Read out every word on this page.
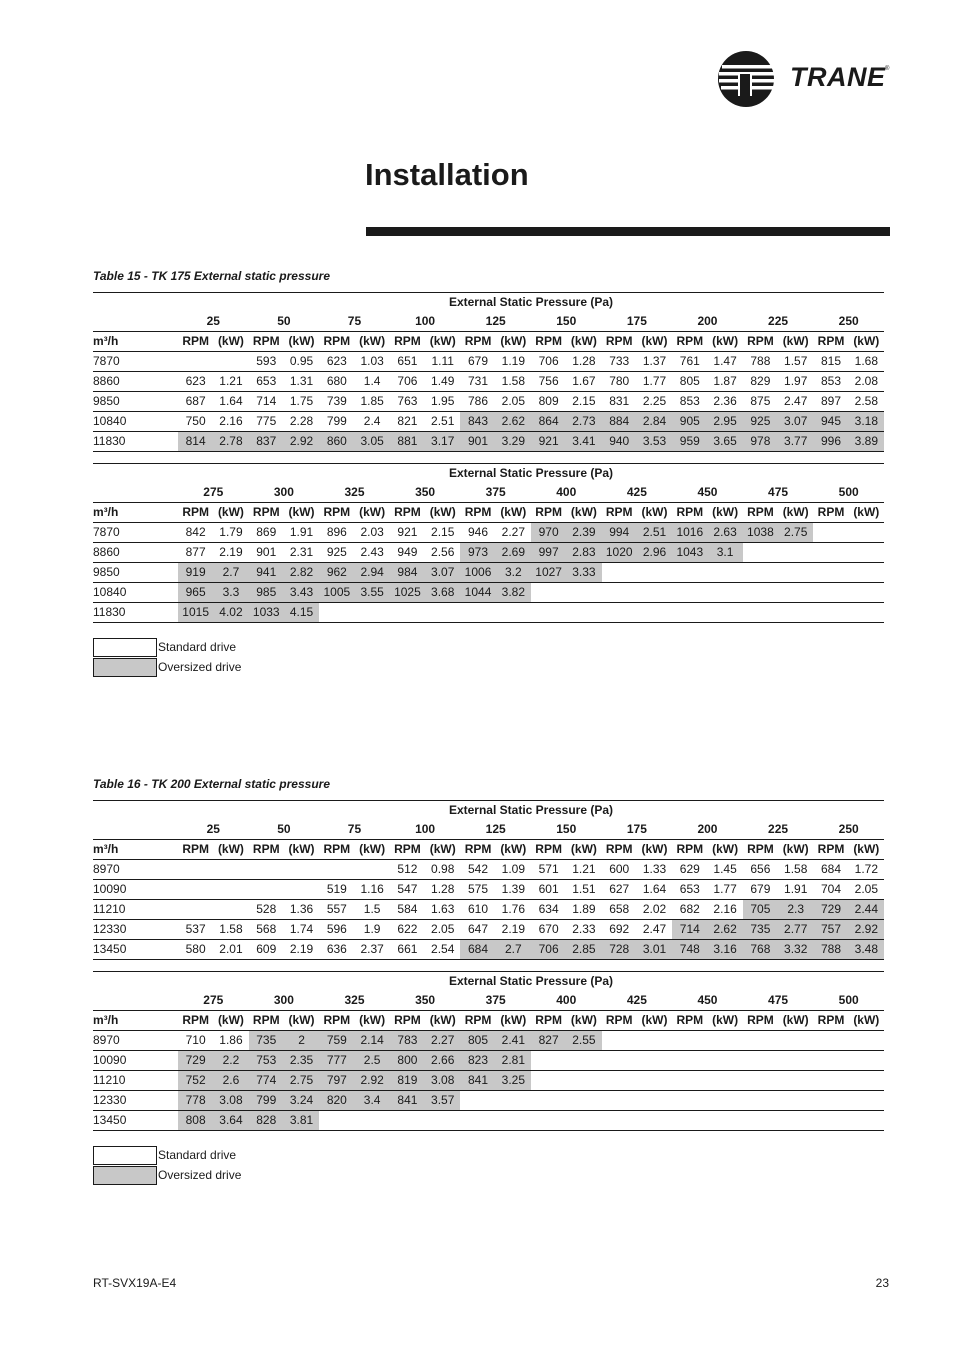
TRANE ®
Installation
Table 15 - TK 175 External static pressure
	External Static Pressure (Pa)																			
	25		50		75		100		125		150		175		200		225		250	
m³/h	RPM	(kW)	RPM	(kW)	RPM	(kW)	RPM	(kW)	RPM	(kW)	RPM	(kW)	RPM	(kW)	RPM	(kW)	RPM	(kW)	RPM	(kW)
7870			593	0.95	623	1.03	651	1.11	679	1.19	706	1.28	733	1.37	761	1.47	788	1.57	815	1.68
8860	623	1.21	653	1.31	680	1.4	706	1.49	731	1.58	756	1.67	780	1.77	805	1.87	829	1.97	853	2.08
9850	687	1.64	714	1.75	739	1.85	763	1.95	786	2.05	809	2.15	831	2.25	853	2.36	875	2.47	897	2.58
10840	750	2.16	775	2.28	799	2.4	821	2.51	843	2.62	864	2.73	884	2.84	905	2.95	925	3.07	945	3.18
11830	814	2.78	837	2.92	860	3.05	881	3.17	901	3.29	921	3.41	940	3.53	959	3.65	978	3.77	996	3.89
	External Static Pressure (Pa)																			
	275		300		325		350		375		400		425		450		475		500	
m³/h	RPM	(kW)	RPM	(kW)	RPM	(kW)	RPM	(kW)	RPM	(kW)	RPM	(kW)	RPM	(kW)	RPM	(kW)	RPM	(kW)	RPM	(kW)
7870	842	1.79	869	1.91	896	2.03	921	2.15	946	2.27	970	2.39	994	2.51	1016	2.63	1038	2.75		
8860	877	2.19	901	2.31	925	2.43	949	2.56	973	2.69	997	2.83	1020	2.96	1043	3.1				
9850	919	2.7	941	2.82	962	2.94	984	3.07	1006	3.2	1027	3.33								
10840	965	3.3	985	3.43	1005	3.55	1025	3.68	1044	3.82										
11830	1015	4.02	1033	4.15																
Standard drive
Oversized drive
Table 16 - TK 200 External static pressure
	External Static Pressure (Pa)																			
	25		50		75		100		125		150		175		200		225		250	
m³/h	RPM	(kW)	RPM	(kW)	RPM	(kW)	RPM	(kW)	RPM	(kW)	RPM	(kW)	RPM	(kW)	RPM	(kW)	RPM	(kW)	RPM	(kW)
8970							512	0.98	542	1.09	571	1.21	600	1.33	629	1.45	656	1.58	684	1.72
10090					519	1.16	547	1.28	575	1.39	601	1.51	627	1.64	653	1.77	679	1.91	704	2.05
11210			528	1.36	557	1.5	584	1.63	610	1.76	634	1.89	658	2.02	682	2.16	705	2.3	729	2.44
12330	537	1.58	568	1.74	596	1.9	622	2.05	647	2.19	670	2.33	692	2.47	714	2.62	735	2.77	757	2.92
13450	580	2.01	609	2.19	636	2.37	661	2.54	684	2.7	706	2.85	728	3.01	748	3.16	768	3.32	788	3.48
	External Static Pressure (Pa)																			
	275		300		325		350		375		400		425		450		475		500	
m³/h	RPM	(kW)	RPM	(kW)	RPM	(kW)	RPM	(kW)	RPM	(kW)	RPM	(kW)	RPM	(kW)	RPM	(kW)	RPM	(kW)	RPM	(kW)
8970	710	1.86	735	2	759	2.14	783	2.27	805	2.41	827	2.55								
10090	729	2.2	753	2.35	777	2.5	800	2.66	823	2.81										
11210	752	2.6	774	2.75	797	2.92	819	3.08	841	3.25										
12330	778	3.08	799	3.24	820	3.4	841	3.57												
13450	808	3.64	828	3.81																
Standard drive
Oversized drive
RT-SVX19A-E4	23
